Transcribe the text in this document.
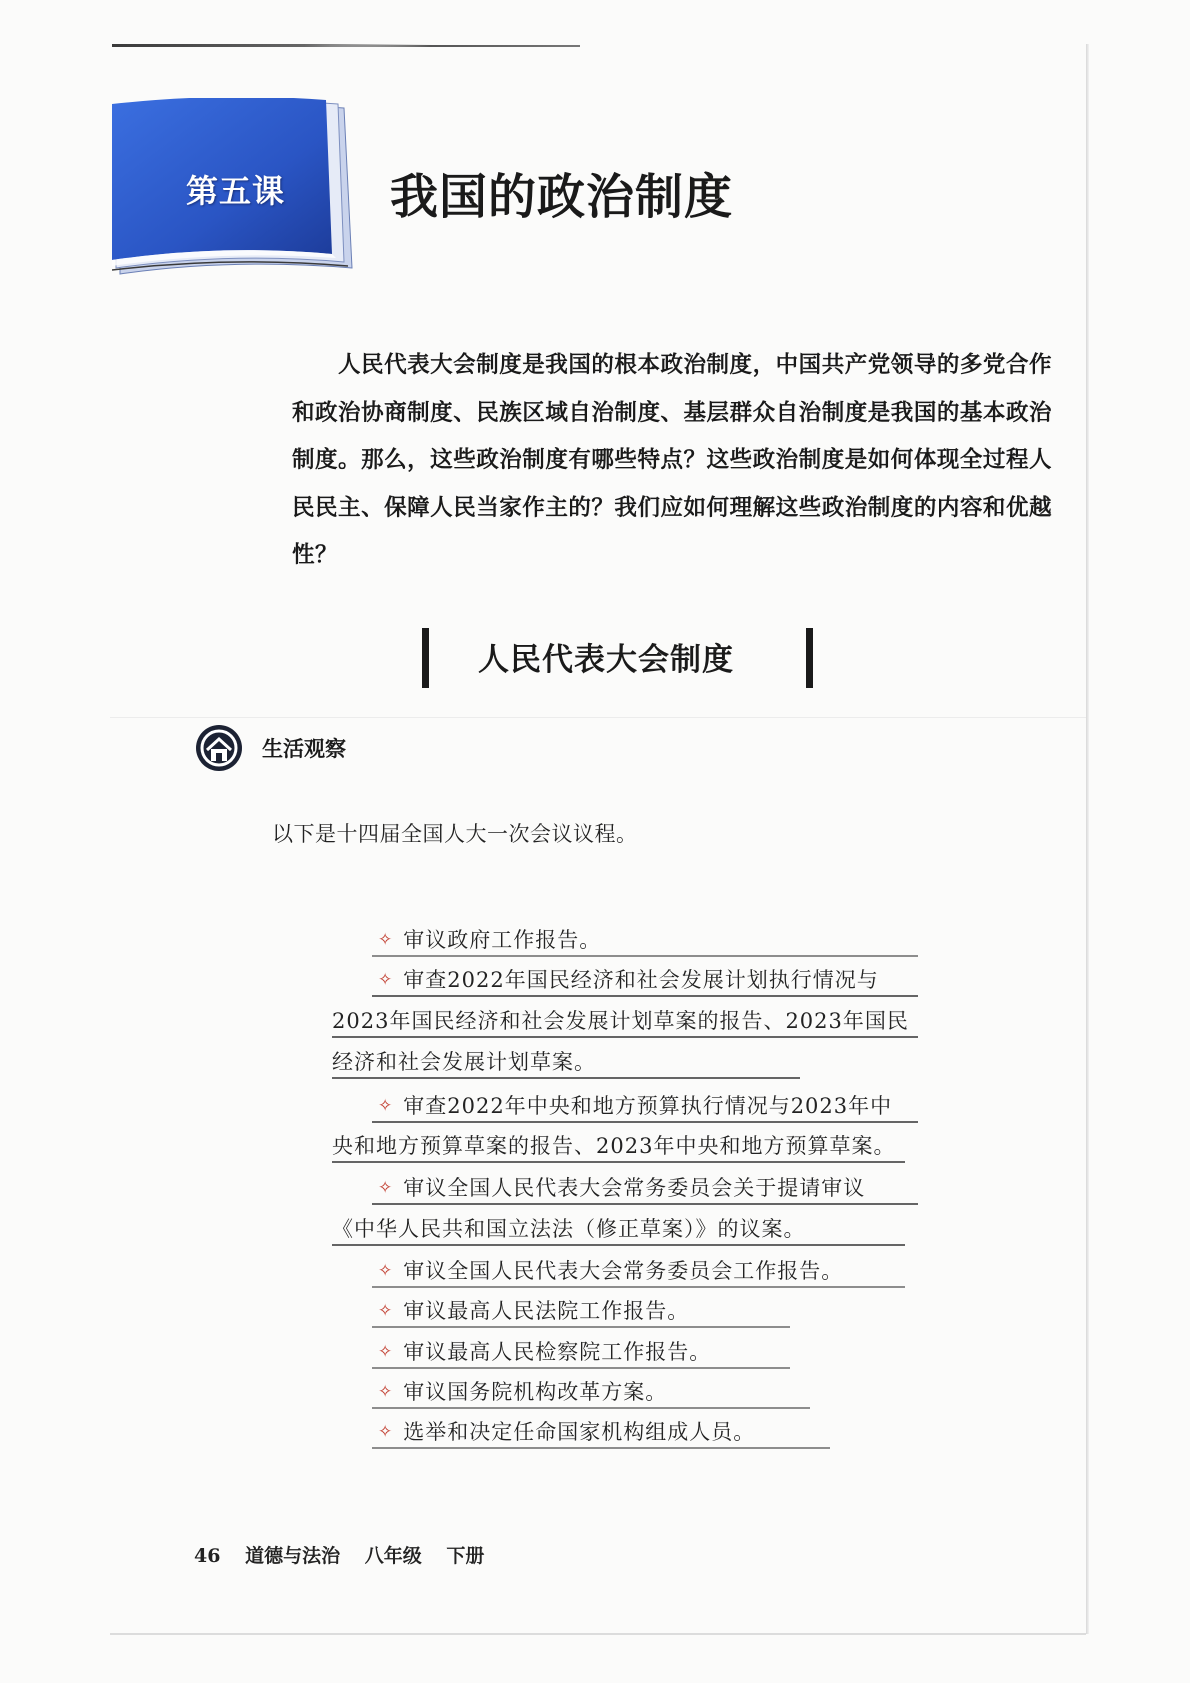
第五课 我国的政治制度
人民代表大会制度是我国的根本政治制度，中国共产党领导的多党合作和政治协商制度、民族区域自治制度、基层群众自治制度是我国的基本政治制度。那么，这些政治制度有哪些特点？这些政治制度是如何体现全过程人民民主、保障人民当家作主的？我们应如何理解这些政治制度的内容和优越性？
人民代表大会制度
生活观察
以下是十四届全国人大一次会议议程。
✧ 审议政府工作报告。
✧ 审查2022年国民经济和社会发展计划执行情况与
2023年国民经济和社会发展计划草案的报告、2023年国民
经济和社会发展计划草案。
✧ 审查2022年中央和地方预算执行情况与2023年中
央和地方预算草案的报告、2023年中央和地方预算草案。
✧ 审议全国人民代表大会常务委员会关于提请审议
《中华人民共和国立法法（修正草案）》的议案。
✧ 审议全国人民代表大会常务委员会工作报告。
✧ 审议最高人民法院工作报告。
✧ 审议最高人民检察院工作报告。
✧ 审议国务院机构改革方案。
✧ 选举和决定任命国家机构组成人员。
46 道德与法治 八年级 下册
